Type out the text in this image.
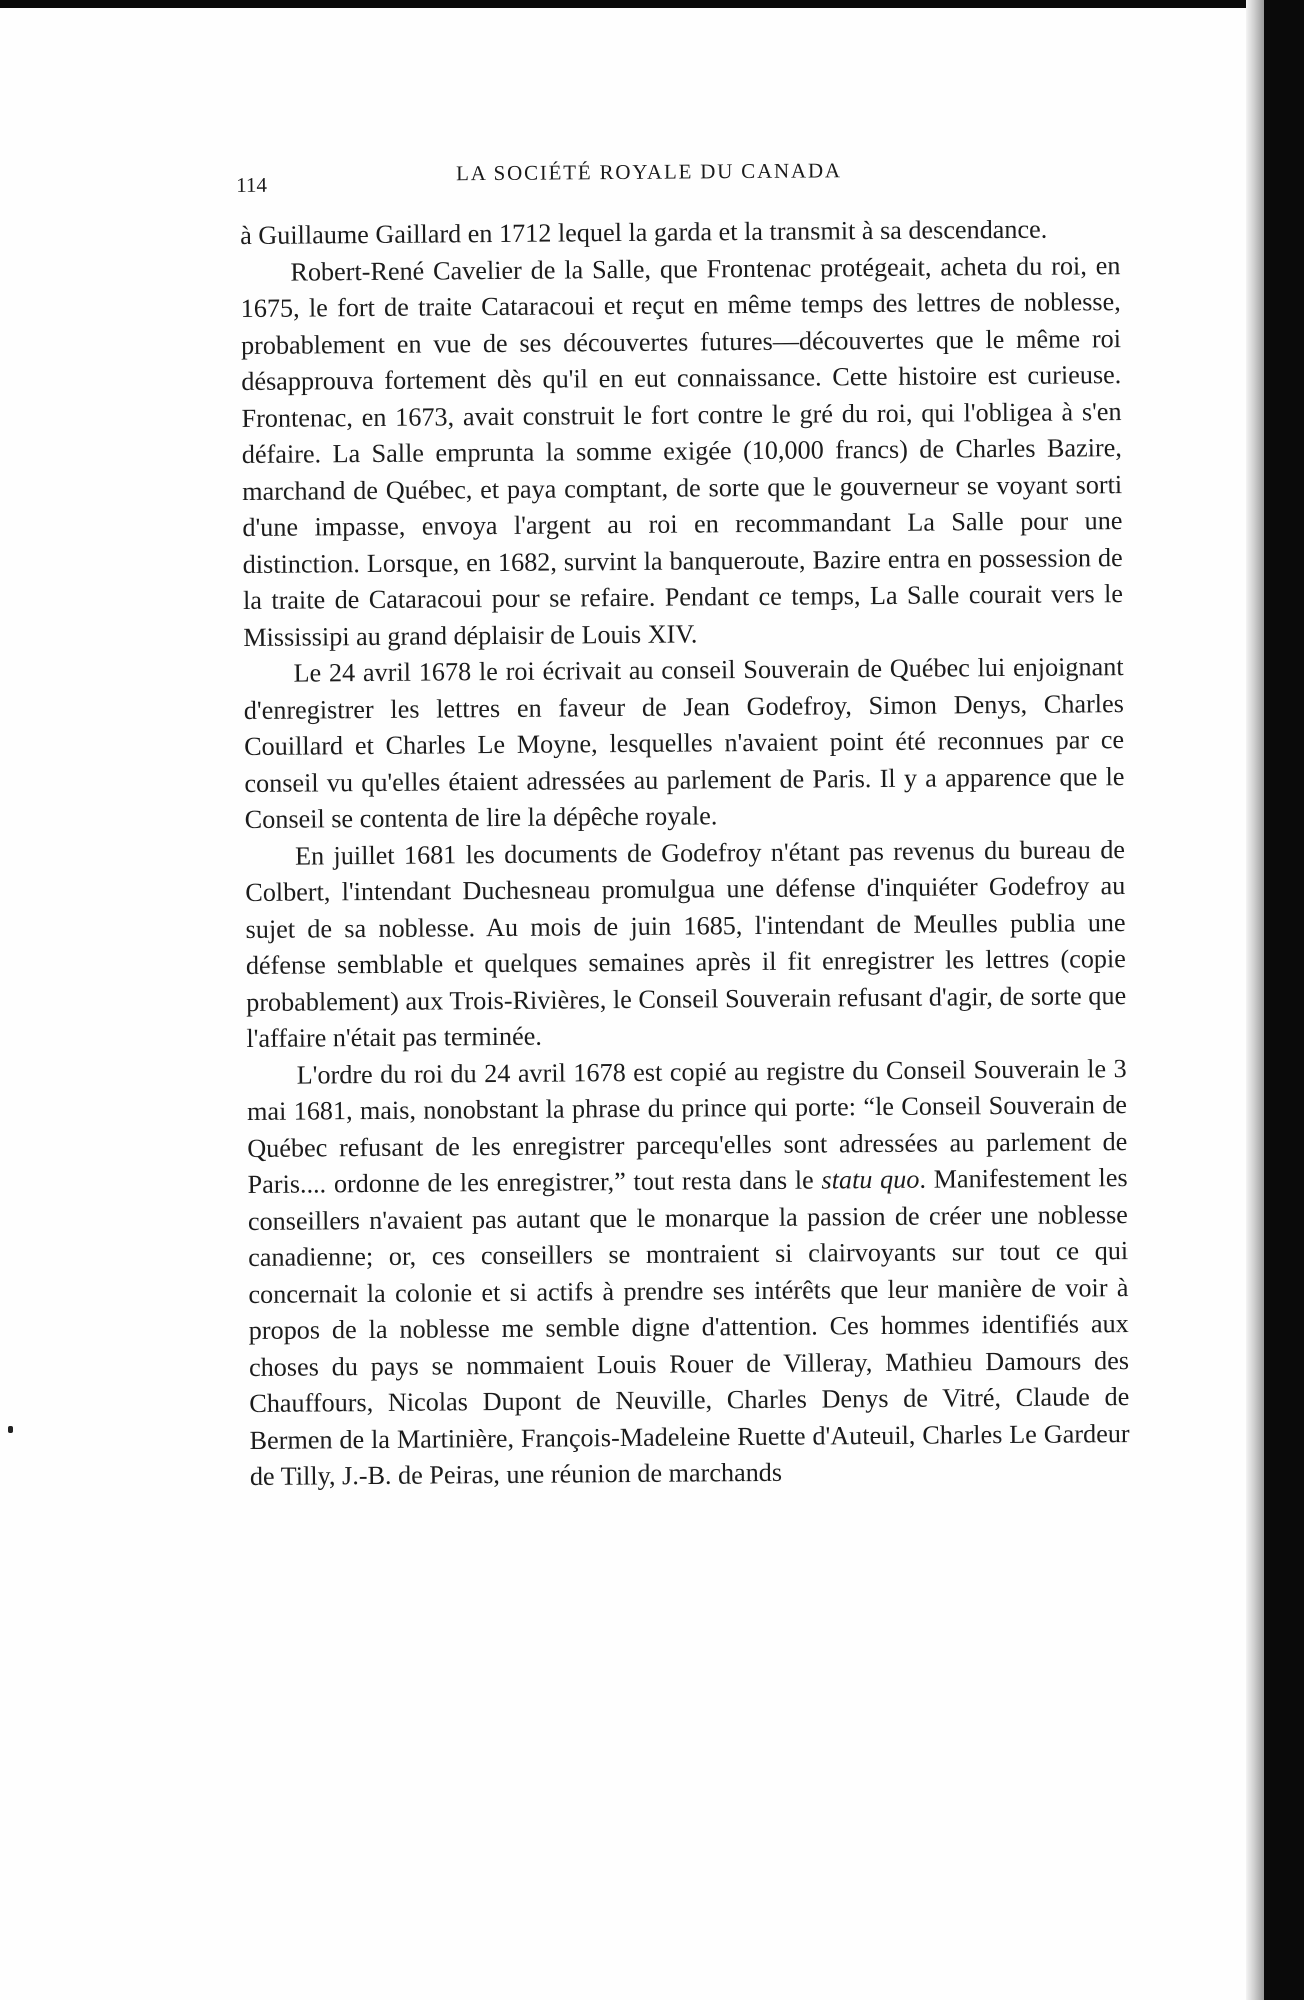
114	LA SOCIÉTÉ ROYALE DU CANADA

à Guillaume Gaillard en 1712 lequel la garda et la transmit à sa descendance.

Robert-René Cavelier de la Salle, que Frontenac protégeait, acheta du roi, en 1675, le fort de traite Cataracoui et reçut en même temps des lettres de noblesse, probablement en vue de ses découvertes futures—découvertes que le même roi désapprouva fortement dès qu'il en eut connaissance. Cette histoire est curieuse. Frontenac, en 1673, avait construit le fort contre le gré du roi, qui l'obligea à s'en défaire. La Salle emprunta la somme exigée (10,000 francs) de Charles Bazire, marchand de Québec, et paya comptant, de sorte que le gouverneur se voyant sorti d'une impasse, envoya l'argent au roi en recommandant La Salle pour une distinction. Lorsque, en 1682, survint la banqueroute, Bazire entra en possession de la traite de Cataracoui pour se refaire. Pendant ce temps, La Salle courait vers le Mississipi au grand déplaisir de Louis XIV.

Le 24 avril 1678 le roi écrivait au conseil Souverain de Québec lui enjoignant d'enregistrer les lettres en faveur de Jean Godefroy, Simon Denys, Charles Couillard et Charles Le Moyne, lesquelles n'avaient point été reconnues par ce conseil vu qu'elles étaient adressées au parlement de Paris. Il y a apparence que le Conseil se contenta de lire la dépêche royale.

En juillet 1681 les documents de Godefroy n'étant pas revenus du bureau de Colbert, l'intendant Duchesneau promulgua une défense d'inquiéter Godefroy au sujet de sa noblesse. Au mois de juin 1685, l'intendant de Meulles publia une défense semblable et quelques semaines après il fit enregistrer les lettres (copie probablement) aux Trois-Rivières, le Conseil Souverain refusant d'agir, de sorte que l'affaire n'était pas terminée.

L'ordre du roi du 24 avril 1678 est copié au registre du Conseil Souverain le 3 mai 1681, mais, nonobstant la phrase du prince qui porte: “le Conseil Souverain de Québec refusant de les enregistrer parcequ'elles sont adressées au parlement de Paris.... ordonne de les enregistrer,” tout resta dans le statu quo. Manifestement les conseillers n'avaient pas autant que le monarque la passion de créer une noblesse canadienne; or, ces conseillers se montraient si clairvoyants sur tout ce qui concernait la colonie et si actifs à prendre ses intérêts que leur manière de voir à propos de la noblesse me semble digne d'attention. Ces hommes identifiés aux choses du pays se nommaient Louis Rouer de Villeray, Mathieu Damours des Chauffours, Nicolas Dupont de Neuville, Charles Denys de Vitré, Claude de Bermen de la Martinière, François-Madeleine Ruette d'Auteuil, Charles Le Gardeur de Tilly, J.-B. de Peiras, une réunion de marchands
